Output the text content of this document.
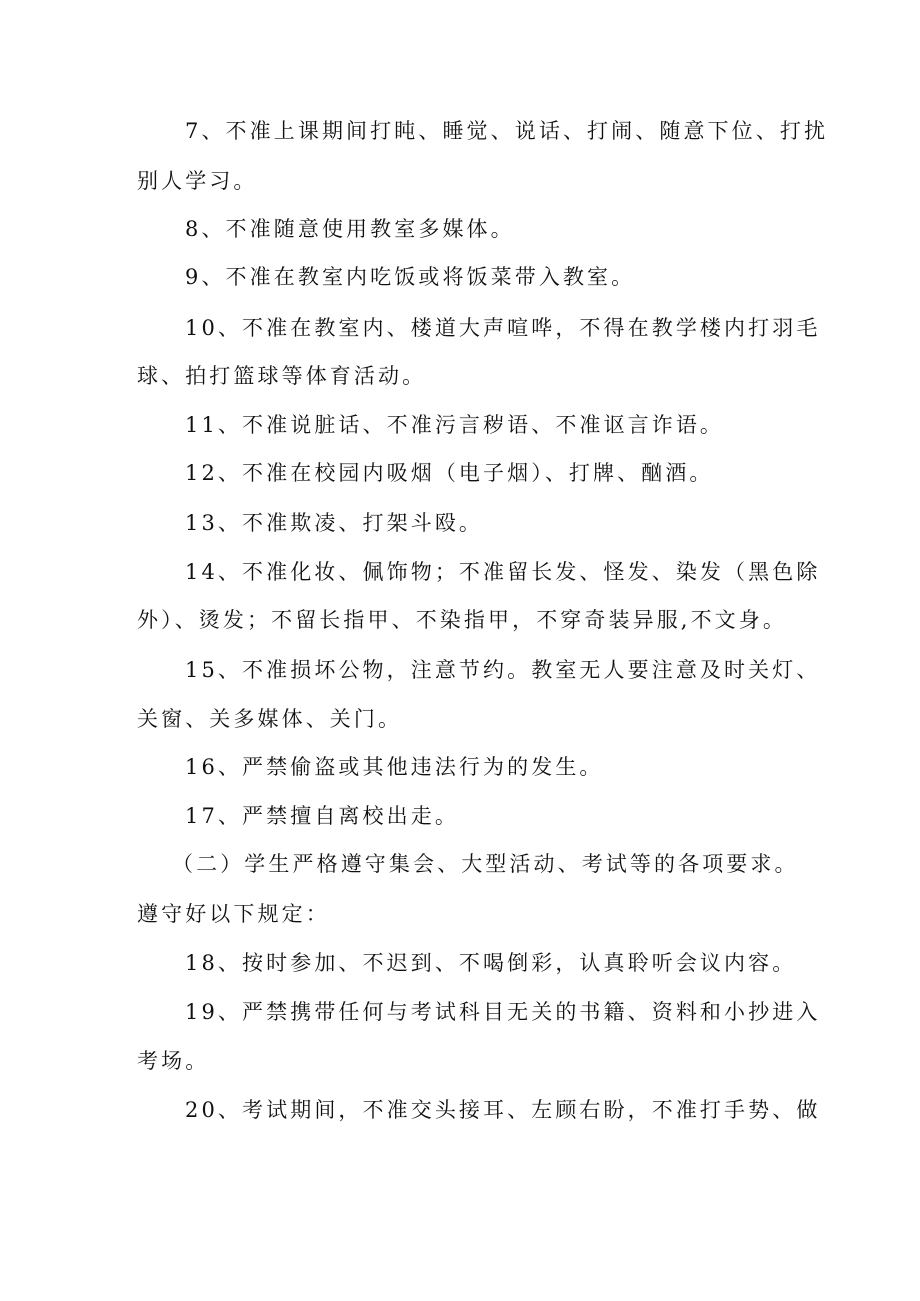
7、不准上课期间打盹、睡觉、说话、打闹、随意下位、打扰
别人学习。
8、不准随意使用教室多媒体。
9、不准在教室内吃饭或将饭菜带入教室。
10、不准在教室内、楼道大声喧哗，不得在教学楼内打羽毛
球、拍打篮球等体育活动。
11、不准说脏话、不准污言秽语、不准讴言诈语。
12、不准在校园内吸烟（电子烟）、打牌、酗酒。
13、不准欺凌、打架斗殴。
14、不准化妆、佩饰物；不准留长发、怪发、染发（黑色除
外）、烫发；不留长指甲、不染指甲，不穿奇装异服,不文身。
15、不准损坏公物，注意节约。教室无人要注意及时关灯、
关窗、关多媒体、关门。
16、严禁偷盗或其他违法行为的发生。
17、严禁擅自离校出走。
（二）学生严格遵守集会、大型活动、考试等的各项要求。
遵守好以下规定：
18、按时参加、不迟到、不喝倒彩，认真聆听会议内容。
19、严禁携带任何与考试科目无关的书籍、资料和小抄进入
考场。
20、考试期间，不准交头接耳、左顾右盼，不准打手势、做
